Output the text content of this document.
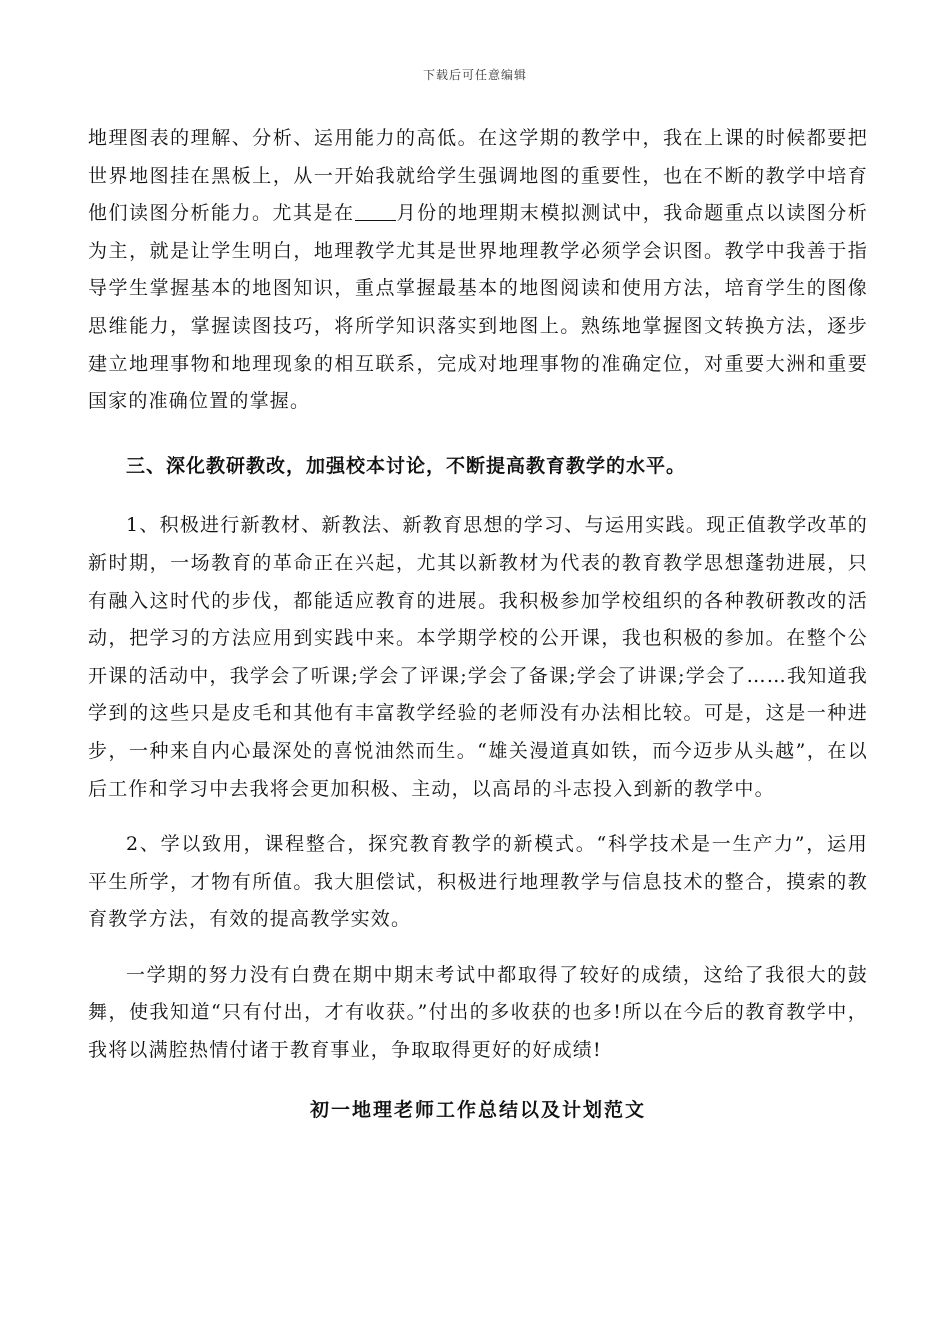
下载后可任意编辑

地理图表的理解、分析、运用能力的高低。在这学期的教学中，我在上课的时候都要把世界地图挂在黑板上，从一开始我就给学生强调地图的重要性，也在不断的教学中培育他们读图分析能力。尤其是在 月份的地理期末模拟测试中，我命题重点以读图分析为主，就是让学生明白，地理教学尤其是世界地理教学必须学会识图。教学中我善于指导学生掌握基本的地图知识，重点掌握最基本的地图阅读和使用方法，培育学生的图像思维能力，掌握读图技巧，将所学知识落实到地图上。熟练地掌握图文转换方法，逐步建立地理事物和地理现象的相互联系，完成对地理事物的准确定位，对重要大洲和重要国家的准确位置的掌握。

三、深化教研教改，加强校本讨论，不断提高教育教学的水平。

1、积极进行新教材、新教法、新教育思想的学习、与运用实践。现正值教学改革的新时期，一场教育的革命正在兴起，尤其以新教材为代表的教育教学思想蓬勃进展，只有融入这时代的步伐，都能适应教育的进展。我积极参加学校组织的各种教研教改的活动，把学习的方法应用到实践中来。本学期学校的公开课，我也积极的参加。在整个公开课的活动中，我学会了听课;学会了评课;学会了备课;学会了讲课;学会了……我知道我学到的这些只是皮毛和其他有丰富教学经验的老师没有办法相比较。可是，这是一种进步，一种来自内心最深处的喜悦油然而生。“雄关漫道真如铁，而今迈步从头越”，在以后工作和学习中去我将会更加积极、主动，以高昂的斗志投入到新的教学中。

2、学以致用，课程整合，探究教育教学的新模式。“科学技术是一生产力”，运用平生所学，才物有所值。我大胆偿试，积极进行地理教学与信息技术的整合，摸索的教育教学方法，有效的提高教学实效。

一学期的努力没有白费在期中期末考试中都取得了较好的成绩，这给了我很大的鼓舞，使我知道“只有付出，才有收获。”付出的多收获的也多!所以在今后的教育教学中，我将以满腔热情付诸于教育事业，争取取得更好的好成绩!

初一地理老师工作总结以及计划范文
